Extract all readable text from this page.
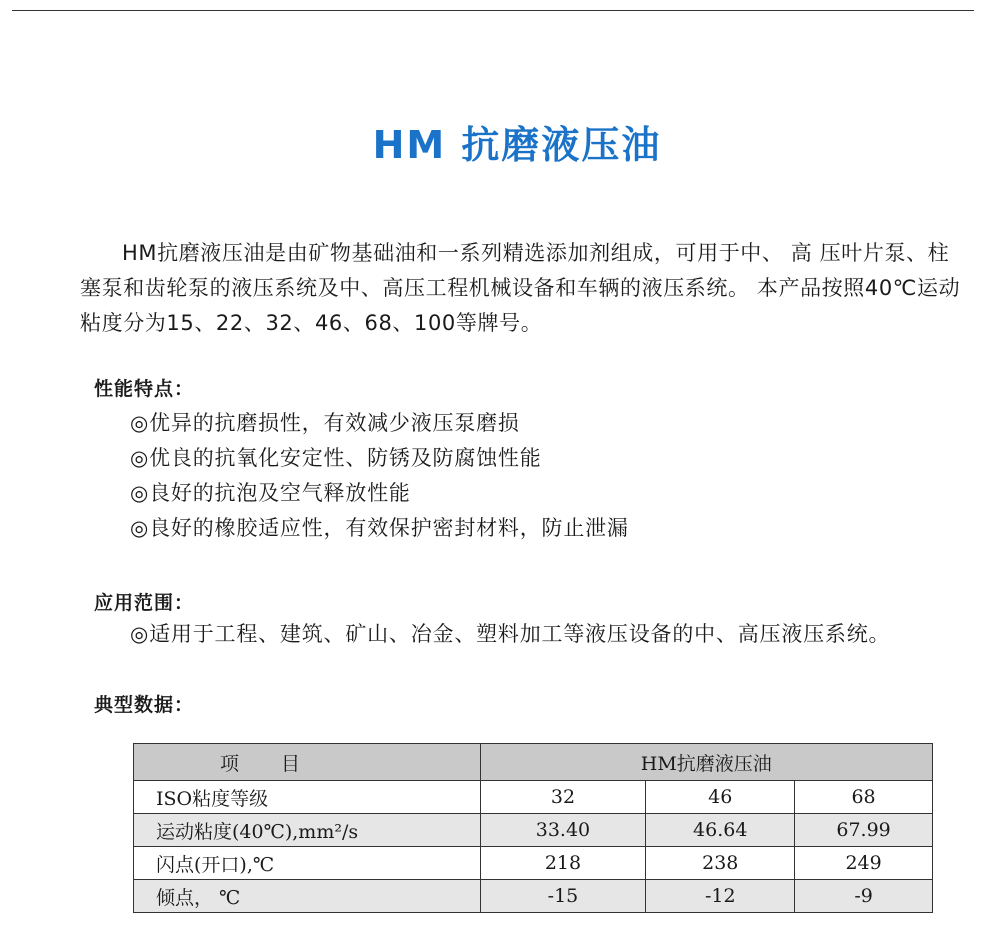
HM 抗磨液压油

HM抗磨液压油是由矿物基础油和一系列精选添加剂组成，可用于中、 高 压叶片泵、柱塞泵和齿轮泵的液压系统及中、高压工程机械设备和车辆的液压系统。 本产品按照40℃运动粘度分为15、22、32、46、68、100等牌号。

性能特点：
◎优异的抗磨损性，有效减少液压泵磨损
◎优良的抗氧化安定性、防锈及防腐蚀性能
◎良好的抗泡及空气释放性能
◎良好的橡胶适应性，有效保护密封材料，防止泄漏
应用范围：
◎适用于工程、建筑、矿山、冶金、塑料加工等液压设备的中、高压液压系统。
典型数据：
项 目	HM抗磨液压油		
ISO粘度等级	32	46	68
运动粘度(40℃),mm²/s	33.40	46.64	67.99
闪点(开口),℃	218	238	249
倾点， ℃	-15	-12	-9
